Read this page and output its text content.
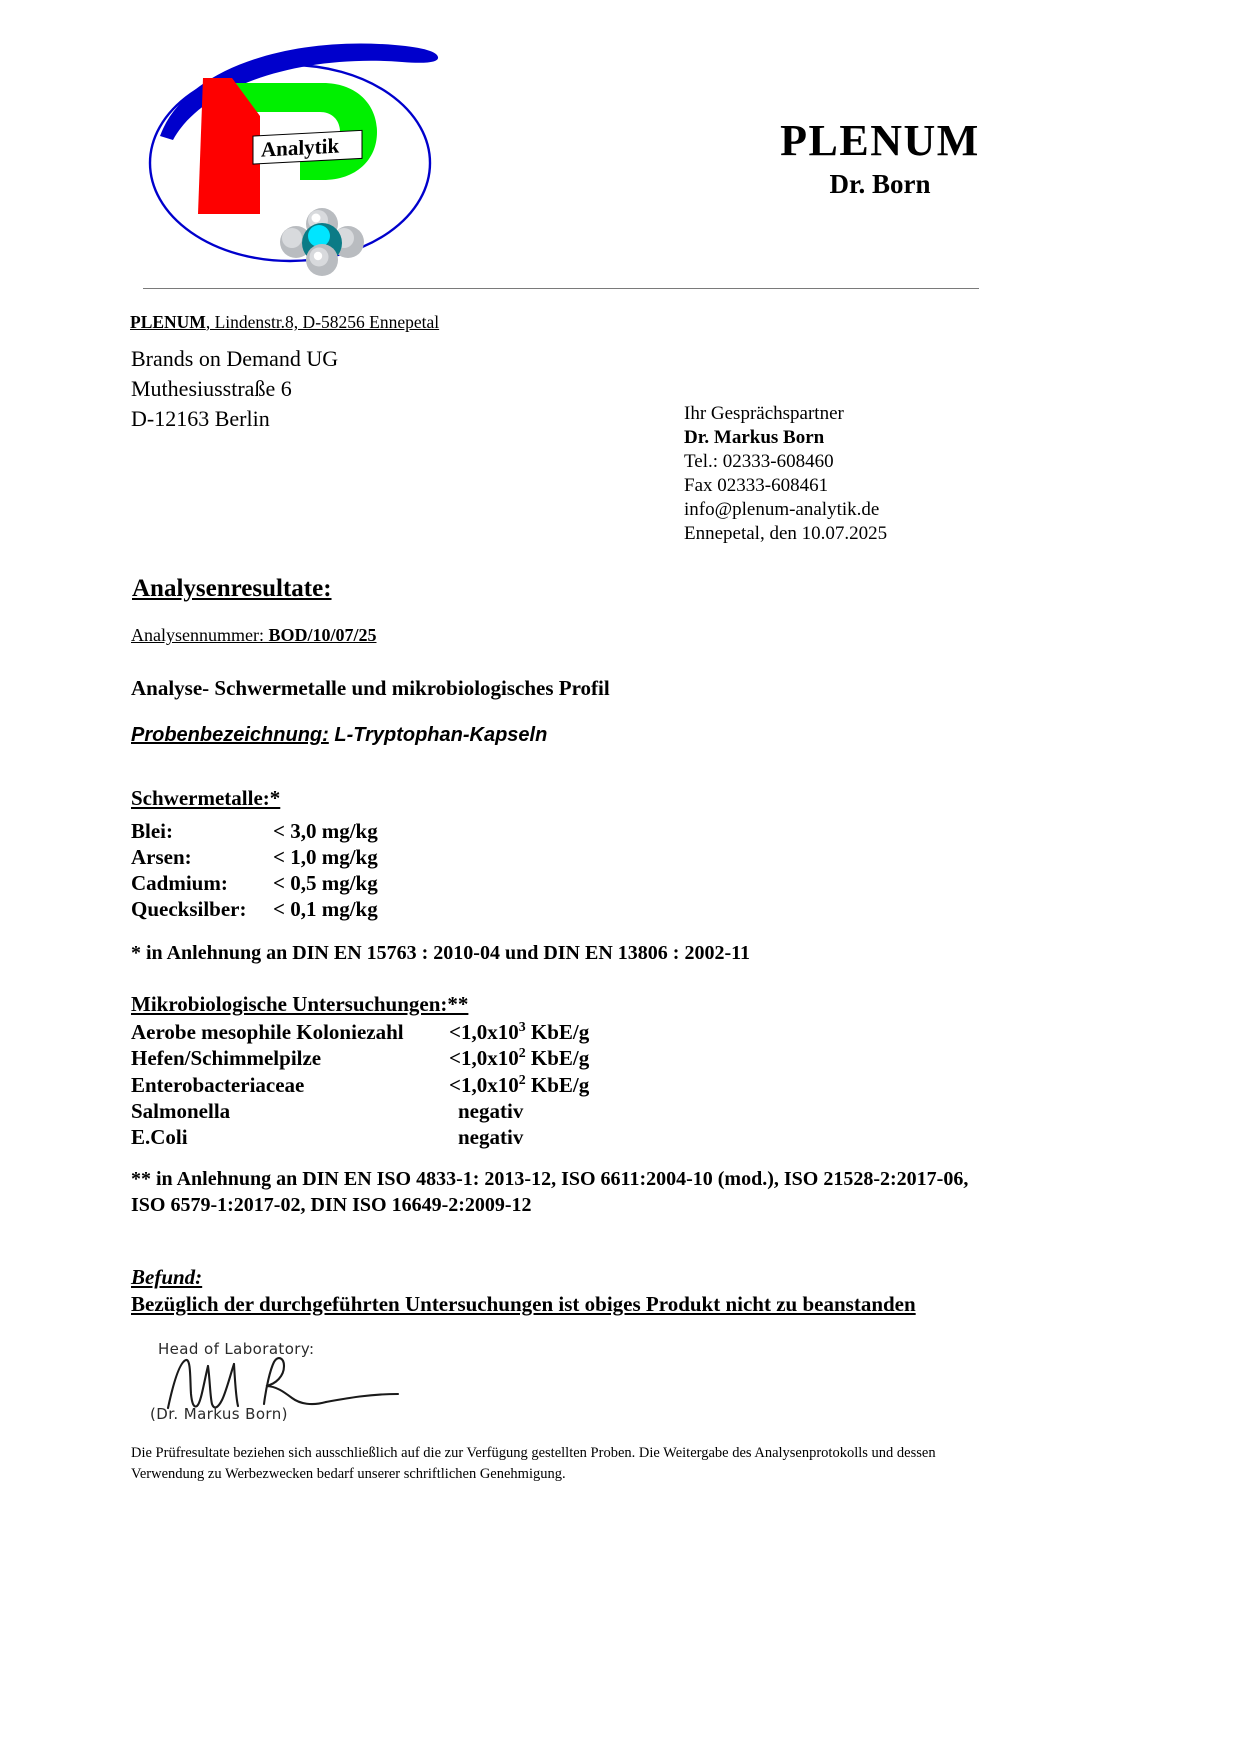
Analytik	PLENUM
Dr. Born
PLENUM, Lindenstr.8, D-58256 Ennepetal
Brands on Demand UG
Muthesiusstraße 6
D-12163 Berlin	Ihr Gesprächspartner
Dr. Markus Born
Tel.: 02333-608460
Fax 02333-608461
info@plenum-analytik.de
Ennepetal, den 10.07.2025
Analysenresultate:
Analysennummer: BOD/10/07/25
Analyse- Schwermetalle und mikrobiologisches Profil
Probenbezeichnung: L-Tryptophan-Kapseln
Schwermetalle:*
Blei:	< 3,0 mg/kg
Arsen:	< 1,0 mg/kg
Cadmium:	< 0,5 mg/kg
Quecksilber:	< 0,1 mg/kg
* in Anlehnung an DIN EN 15763 : 2010-04 und DIN EN 13806 : 2002-11
Mikrobiologische Untersuchungen:**
Aerobe mesophile Koloniezahl	$<1,0x10^3$ KbE/g
Hefen/Schimmelpilze	$<1,0x10^2$ KbE/g
Enterobacteriaceae	$<1,0x10^2$ KbE/g
Salmonella	negativ
E.Coli	negativ
** in Anlehnung an DIN EN ISO 4833-1: 2013-12, ISO 6611:2004-10 (mod.), ISO 21528-2:2017-06, ISO 6579-1:2017-02, DIN ISO 16649-2:2009-12
Befund:
Bezüglich der durchgeführten Untersuchungen ist obiges Produkt nicht zu beanstanden
Head of Laboratory:
(Dr. Markus Born)
Die Prüfresultate beziehen sich ausschließlich auf die zur Verfügung gestellten Proben. Die Weitergabe des Analysenprotokolls und dessen Verwendung zu Werbezwecken bedarf unserer schriftlichen Genehmigung.
